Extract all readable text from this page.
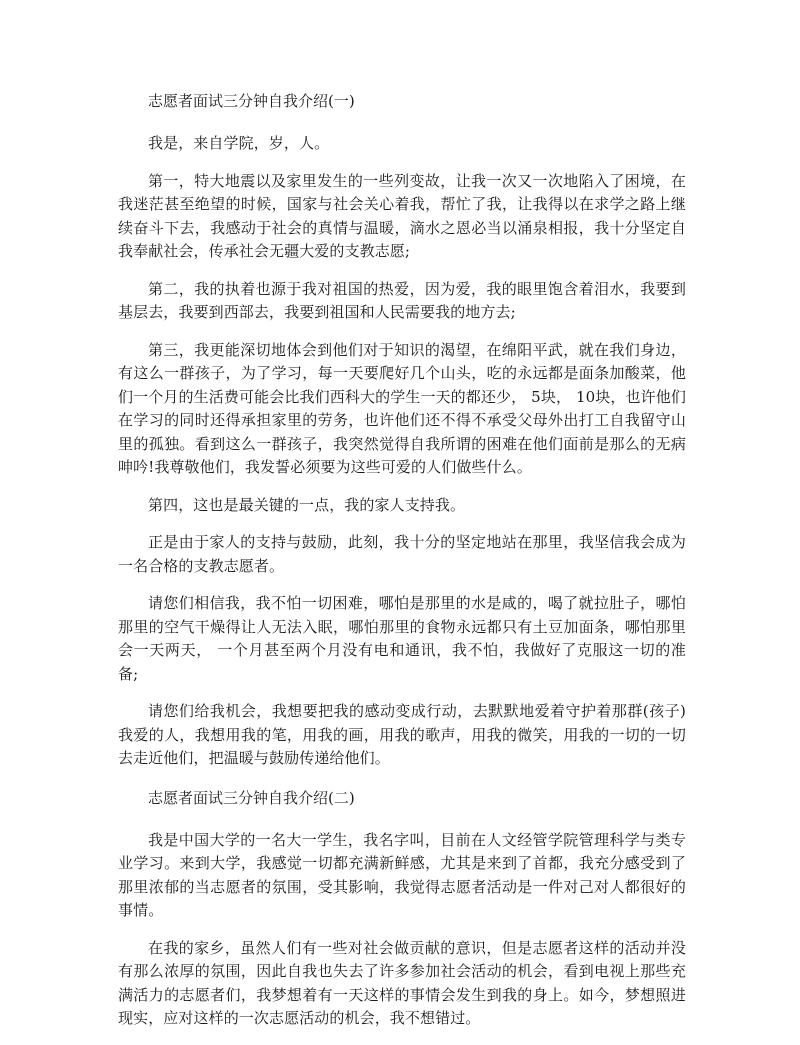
志愿者面试三分钟自我介绍(一)

我是，来自学院，岁，人。

第一，特大地震以及家里发生的一些列变故，让我一次又一次地陷入了困境，在我迷茫甚至绝望的时候，国家与社会关心着我，帮忙了我，让我得以在求学之路上继续奋斗下去，我感动于社会的真情与温暖，滴水之恩必当以涌泉相报，我十分坚定自我奉献社会，传承社会无疆大爱的支教志愿;

第二，我的执着也源于我对祖国的热爱，因为爱，我的眼里饱含着泪水，我要到基层去，我要到西部去，我要到祖国和人民需要我的地方去;

第三，我更能深切地体会到他们对于知识的渴望，在绵阳平武，就在我们身边，有这么一群孩子，为了学习，每一天要爬好几个山头，吃的永远都是面条加酸菜，他们一个月的生活费可能会比我们西科大的学生一天的都还少， 5块， 10块，也许他们在学习的同时还得承担家里的劳务，也许他们还不得不承受父母外出打工自我留守山里的孤独。看到这么一群孩子，我突然觉得自我所谓的困难在他们面前是那么的无病呻吟!我尊敬他们，我发誓必须要为这些可爱的人们做些什么。

第四，这也是最关键的一点，我的家人支持我。

正是由于家人的支持与鼓励，此刻，我十分的坚定地站在那里，我坚信我会成为一名合格的支教志愿者。

请您们相信我，我不怕一切困难，哪怕是那里的水是咸的，喝了就拉肚子，哪怕那里的空气干燥得让人无法入眠，哪怕那里的食物永远都只有土豆加面条，哪怕那里会一天两天， 一个月甚至两个月没有电和通讯，我不怕，我做好了克服这一切的准备;

请您们给我机会，我想要把我的感动变成行动，去默默地爱着守护着那群(孩子)我爱的人，我想用我的笔，用我的画，用我的歌声，用我的微笑，用我的一切的一切去走近他们，把温暖与鼓励传递给他们。

志愿者面试三分钟自我介绍(二)

我是中国大学的一名大一学生，我名字叫，目前在人文经管学院管理科学与类专业学习。来到大学，我感觉一切都充满新鲜感，尤其是来到了首都，我充分感受到了那里浓郁的当志愿者的氛围，受其影响，我觉得志愿者活动是一件对己对人都很好的事情。

在我的家乡，虽然人们有一些对社会做贡献的意识，但是志愿者这样的活动并没有那么浓厚的氛围，因此自我也失去了许多参加社会活动的机会，看到电视上那些充满活力的志愿者们，我梦想着有一天这样的事情会发生到我的身上。如今，梦想照进现实，应对这样的一次志愿活动的机会，我不想错过。
